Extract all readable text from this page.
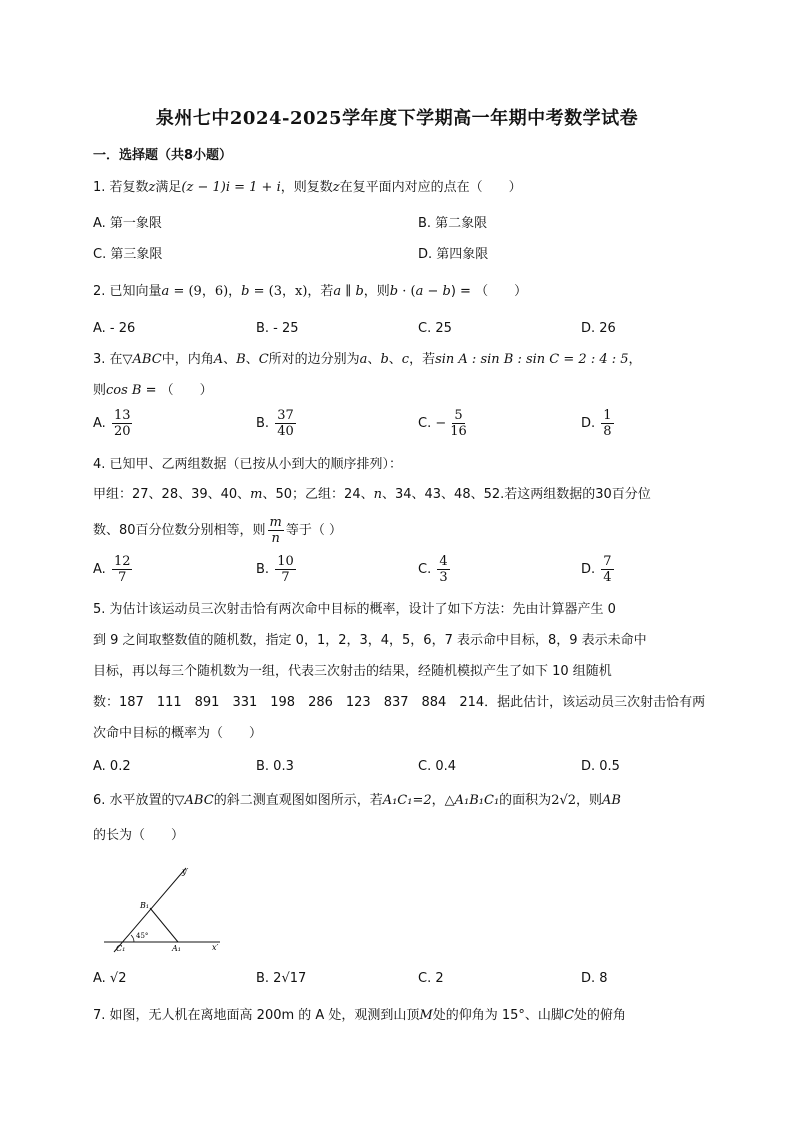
泉州七中2024-2025学年度下学期高一年期中考数学试卷
一．选择题（共8小题）
1. 若复数z满足(z − 1)i = 1 + i，则复数z在复平面内对应的点在（　　）
A. 第一象限	B. 第二象限
C. 第三象限	D. 第四象限
2. 已知向量a = (9，6)，b = (3，x)，若a ∥ b，则b · (a − b) = （　　）
A. - 26	B. - 25	C. 25	D. 26
3. 在▽ABC中，内角A、B、C所对的边分别为a、b、c，若sin A : sin B : sin C = 2 : 4 : 5，
则cos B = （　　）
A. $\frac{13}{20}$	B. $\frac{37}{40}$	C. − $\frac{5}{16}$	D. $\frac{1}{8}$
4. 已知甲、乙两组数据（已按从小到大的顺序排列）：
甲组：27、28、39、40、m、50；乙组：24、n、34、43、48、52.若这两组数据的30百分位
数、80百分位数分别相等，则 $\frac{m}{n}$ 等于（ ）
A. $\frac{12}{7}$	B. $\frac{10}{7}$	C. $\frac{4}{3}$	D. $\frac{7}{4}$
5. 为估计该运动员三次射击恰有两次命中目标的概率，设计了如下方法：先由计算器产生 0
到 9 之间取整数值的随机数，指定 0，1，2，3，4，5，6，7 表示命中目标，8，9 表示未命中
目标，再以每三个随机数为一组，代表三次射击的结果，经随机模拟产生了如下 10 组随机
数：187　111　891　331　198　286　123　837　884　214．据此估计，该运动员三次射击恰有两
次命中目标的概率为（　　）
A. 0.2	B. 0.3	C. 0.4	D. 0.5
6. 水平放置的▽ABC的斜二测直观图如图所示，若A₁C₁=2，△A₁B₁C₁的面积为2√2，则AB
的长为（　　）
y′
x′
B₁
C₁	A₁
45°
A. √2	B. 2√17	C. 2	D. 8
7. 如图，无人机在离地面高 200m 的 A 处，观测到山顶M处的仰角为 15°、山脚C处的俯角
